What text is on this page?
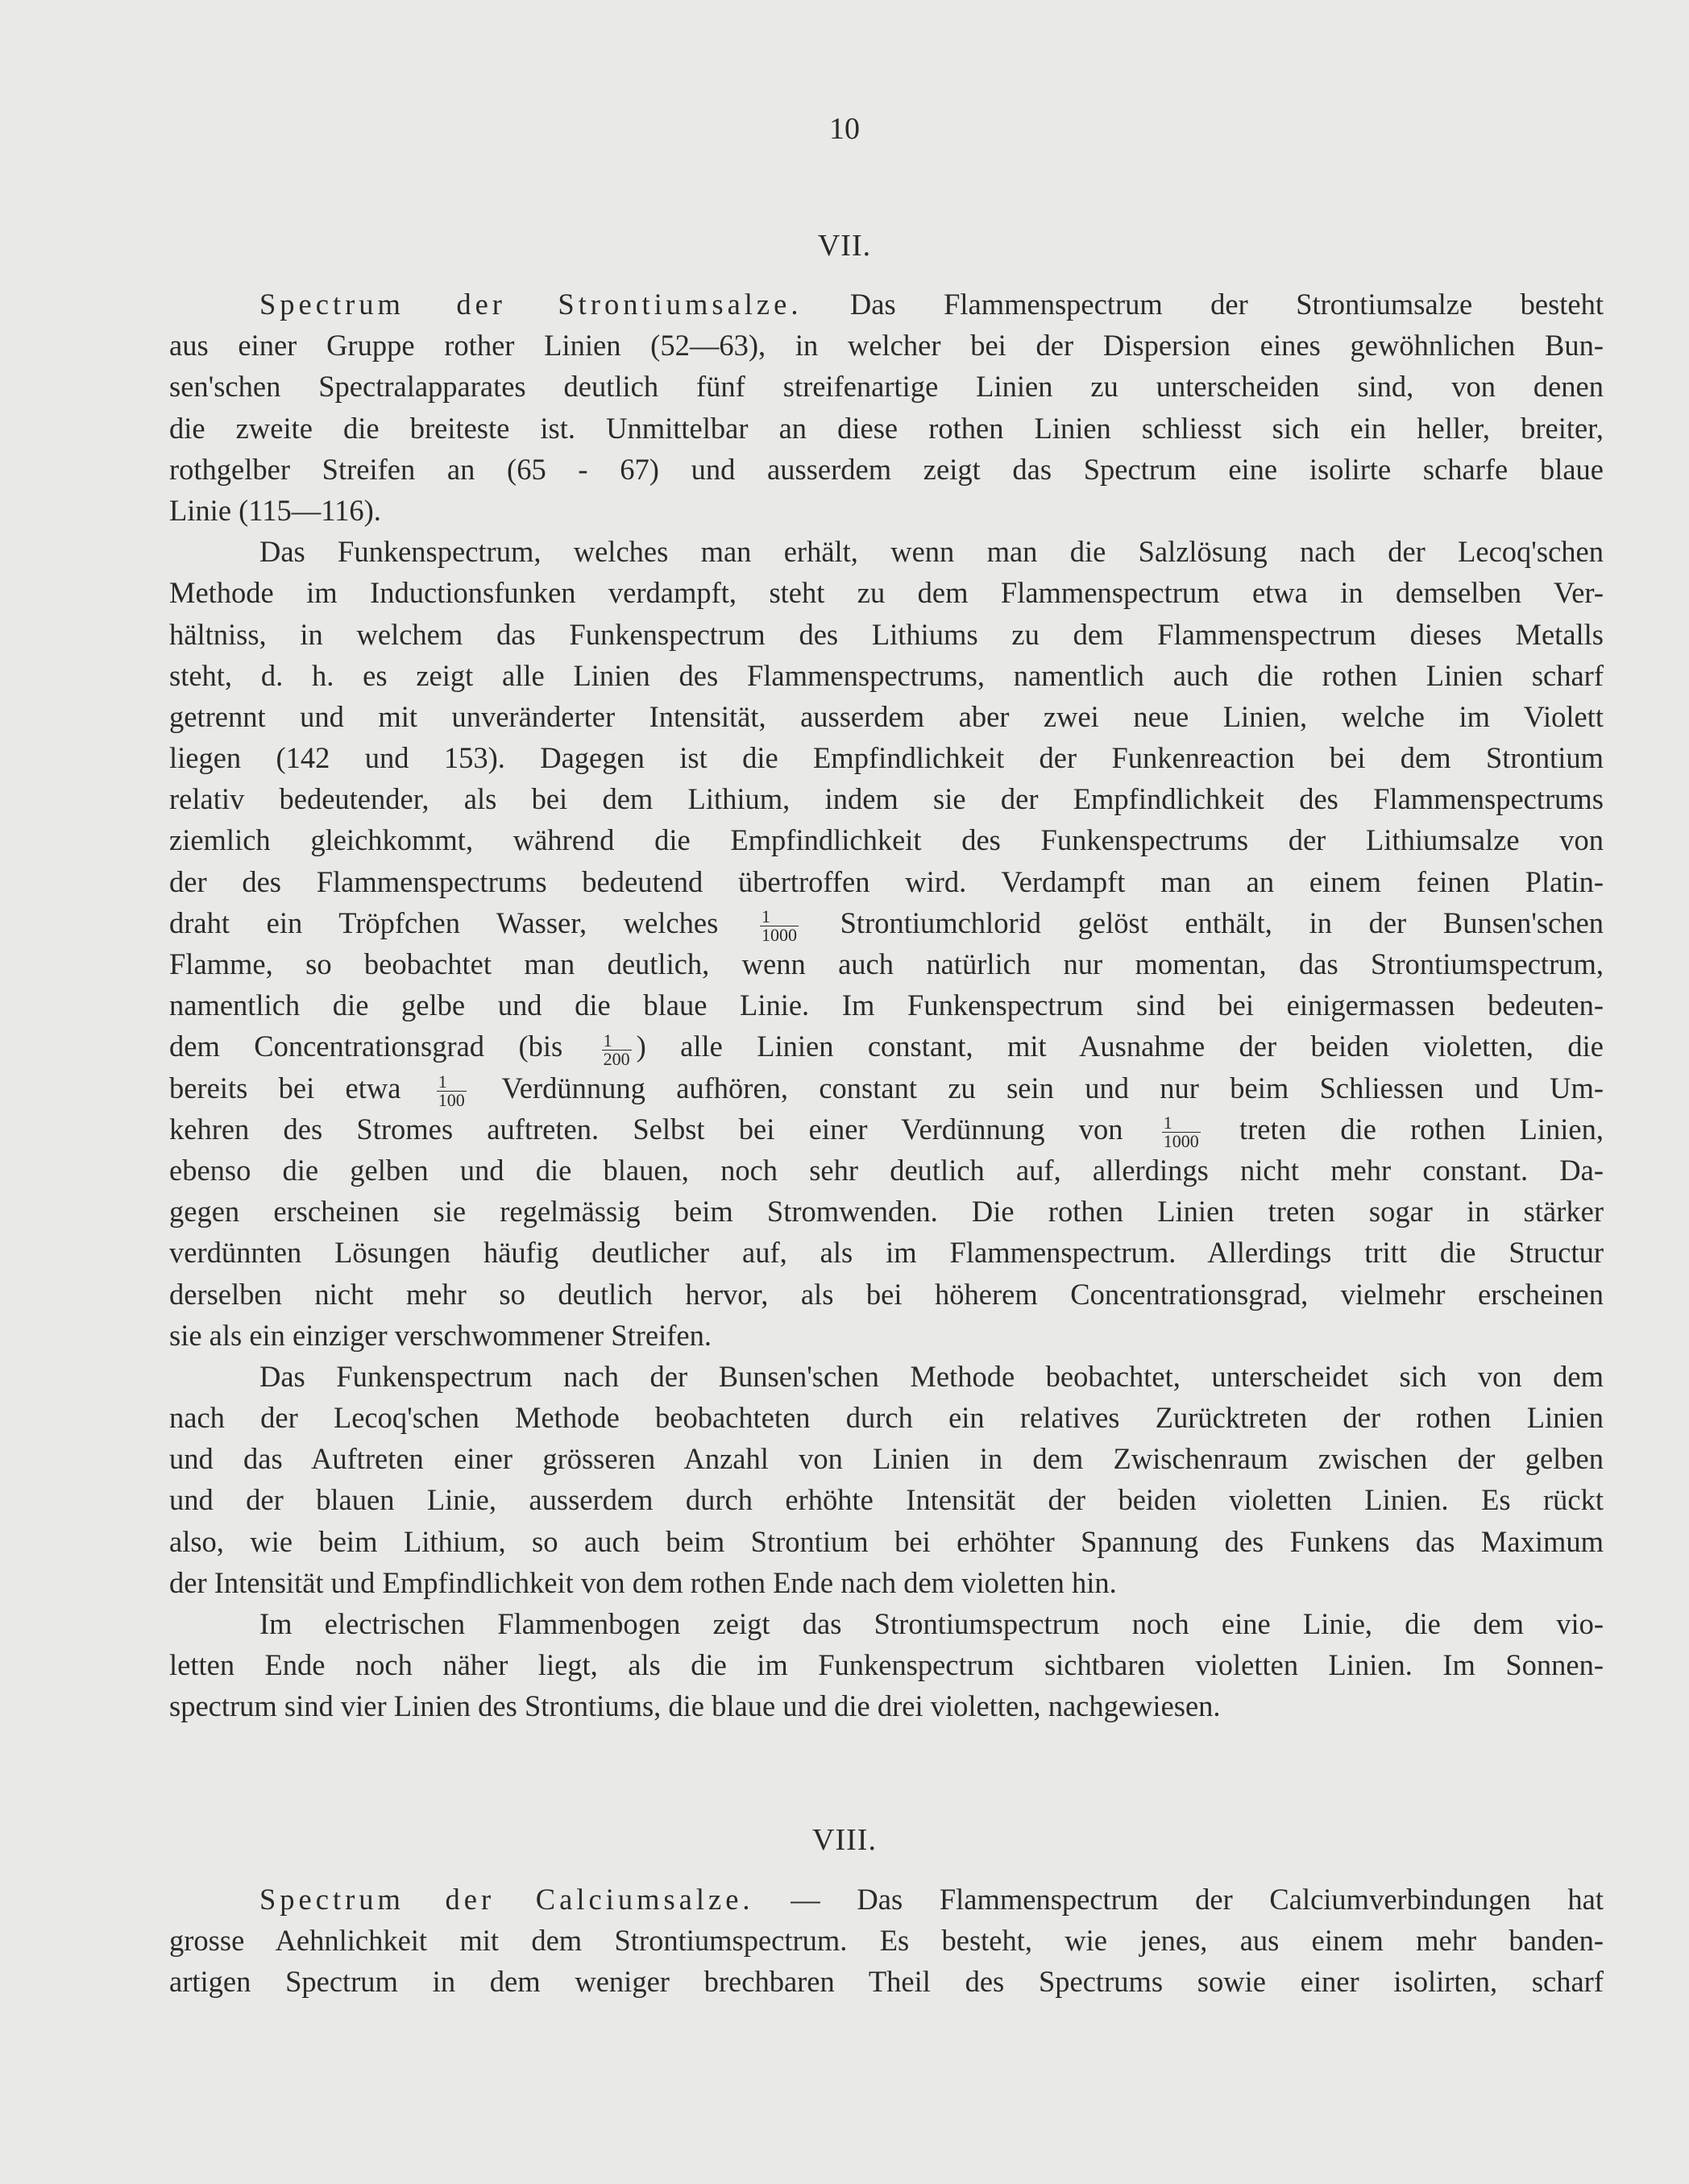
10
VII.
Spectrum der Strontiumsalze. Das Flammenspectrum der Strontiumsalze besteht
aus einer Gruppe rother Linien (52—63), in welcher bei der Dispersion eines gewöhnlichen Bun-
sen'schen Spectralapparates deutlich fünf streifenartige Linien zu unterscheiden sind, von denen
die zweite die breiteste ist. Unmittelbar an diese rothen Linien schliesst sich ein heller, breiter,
rothgelber Streifen an (65 - 67) und ausserdem zeigt das Spectrum eine isolirte scharfe blaue
Linie (115—116).
Das Funkenspectrum, welches man erhält, wenn man die Salzlösung nach der Lecoq'schen
Methode im Inductionsfunken verdampft, steht zu dem Flammenspectrum etwa in demselben Ver-
hältniss, in welchem das Funkenspectrum des Lithiums zu dem Flammenspectrum dieses Metalls
steht, d. h. es zeigt alle Linien des Flammenspectrums, namentlich auch die rothen Linien scharf
getrennt und mit unveränderter Intensität, ausserdem aber zwei neue Linien, welche im Violett
liegen (142 und 153). Dagegen ist die Empfindlichkeit der Funkenreaction bei dem Strontium
relativ bedeutender, als bei dem Lithium, indem sie der Empfindlichkeit des Flammenspectrums
ziemlich gleichkommt, während die Empfindlichkeit des Funkenspectrums der Lithiumsalze von
der des Flammenspectrums bedeutend übertroffen wird. Verdampft man an einem feinen Platin-
draht ein Tröpfchen Wasser, welches $\frac{1}{1000}$ Strontiumchlorid gelöst enthält, in der Bunsen'schen
Flamme, so beobachtet man deutlich, wenn auch natürlich nur momentan, das Strontiumspectrum,
namentlich die gelbe und die blaue Linie. Im Funkenspectrum sind bei einigermassen bedeuten-
dem Concentrationsgrad ($bis \frac{1}{200}$ ) alle Linien constant, mit Ausnahme der beiden violetten, die
bereits bei etwa $\frac{1}{100}$ Verdünnung aufhören, constant zu sein und nur beim Schliessen und Um-
kehren des Stromes auftreten. Selbst bei einer Verdünnung von $\frac{1}{1000}$ treten die rothen Linien,
ebenso die gelben und die blauen, noch sehr deutlich auf, allerdings nicht mehr constant. Da-
gegen erscheinen sie regelmässig beim Stromwenden. Die rothen Linien treten sogar in stärker
verdünnten Lösungen häufig deutlicher auf, als im Flammenspectrum. Allerdings tritt die Structur
derselben nicht mehr so deutlich hervor, als bei höherem Concentrationsgrad, vielmehr erscheinen
sie als ein einziger verschwommener Streifen.
Das Funkenspectrum nach der Bunsen'schen Methode beobachtet, unterscheidet sich von dem
nach der Lecoq'schen Methode beobachteten durch ein relatives Zurücktreten der rothen Linien
und das Auftreten einer grösseren Anzahl von Linien in dem Zwischenraum zwischen der gelben
und der blauen Linie, ausserdem durch erhöhte Intensität der beiden violetten Linien. Es rückt
also, wie beim Lithium, so auch beim Strontium bei erhöhter Spannung des Funkens das Maximum
der Intensität und Empfindlichkeit von dem rothen Ende nach dem violetten hin.
Im electrischen Flammenbogen zeigt das Strontiumspectrum noch eine Linie, die dem vio-
letten Ende noch näher liegt, als die im Funkenspectrum sichtbaren violetten Linien. Im Sonnen-
spectrum sind vier Linien des Strontiums, die blaue und die drei violetten, nachgewiesen.
VIII.
Spectrum der Calciumsalze. — Das Flammenspectrum der Calciumverbindungen hat
grosse Aehnlichkeit mit dem Strontiumspectrum. Es besteht, wie jenes, aus einem mehr banden-
artigen Spectrum in dem weniger brechbaren Theil des Spectrums sowie einer isolirten, scharf
